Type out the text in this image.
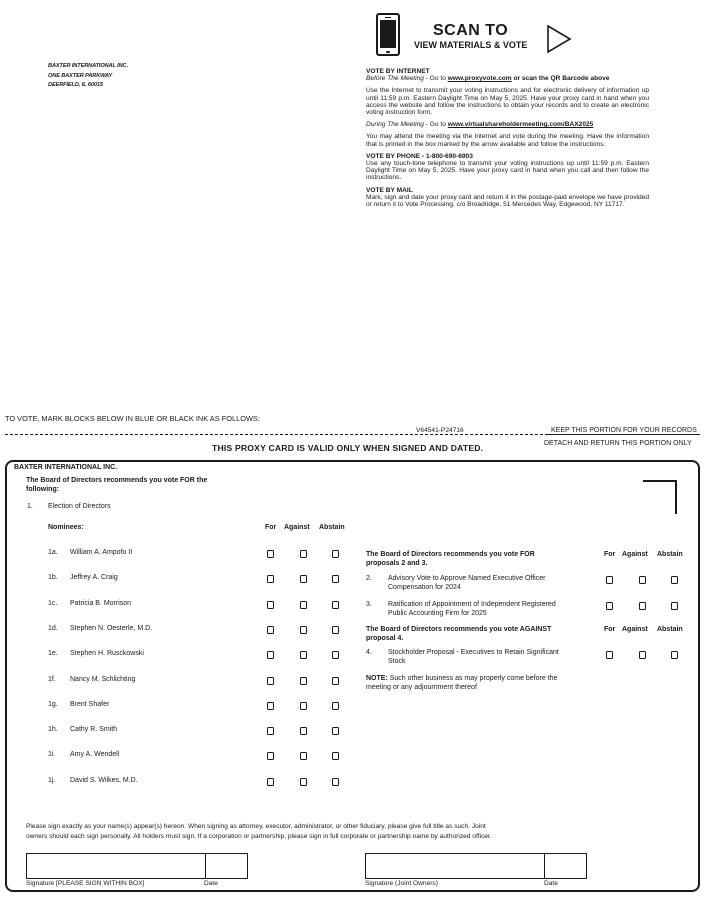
BAXTER INTERNATIONAL INC.
ONE BAXTER PARKWAY
DEERFIELD, IL 60015
SCAN TO
VIEW MATERIALS & VOTE
VOTE BY INTERNET

Before The Meeting - Go to www.proxyvote.com or scan the QR Barcode above

Use the Internet to transmit your voting instructions and for electronic delivery of information up until 11:59 p.m. Eastern Daylight Time on May 5, 2025. Have your proxy card in hand when you access the website and follow the instructions to obtain your records and to create an electronic voting instruction form.

During The Meeting - Go to www.virtualshareholdermeeting.com/BAX2025

You may attend the meeting via the Internet and vote during the meeting. Have the information that is printed in the box marked by the arrow available and follow the instructions.

VOTE BY PHONE - 1-800-690-6903

Use any touch-tone telephone to transmit your voting instructions up until 11:59 p.m. Eastern Daylight Time on May 5, 2025. Have your proxy card in hand when you call and then follow the instructions.

VOTE BY MAIL

Mark, sign and date your proxy card and return it in the postage-paid envelope we have provided or return it to Vote Processing, c/o Broadridge, 51 Mercedes Way, Edgewood, NY 11717.

TO VOTE, MARK BLOCKS BELOW IN BLUE OR BLACK INK AS FOLLOWS:
V64541-P24716	KEEP THIS PORTION FOR YOUR RECORDS
DETACH AND RETURN THIS PORTION ONLY
THIS PROXY CARD IS VALID ONLY WHEN SIGNED AND DATED.
BAXTER INTERNATIONAL INC.
The Board of Directors recommends you vote FOR the
following:
1. Election of Directors
Nominees:	For Against Abstain
1a. William A. Ampofo II
1b. Jeffrey A. Craig
1c. Patricia B. Morrison
1d. Stephen N. Oesterle, M.D.
1e. Stephen H. Rusckowski
1f. Nancy M. Schlichting
1g. Brent Shafer
1h. Cathy R. Smith
1i. Amy A. Wendell
1j. David S. Wilkes, M.D.
The Board of Directors recommends you vote FOR
proposals 2 and 3.
For Against Abstain
2. Advisory Vote to Approve Named Executive Officer
Compensation for 2024
3. Ratification of Appointment of Independent Registered
Public Accounting Firm for 2025
The Board of Directors recommends you vote AGAINST
proposal 4.
For Against Abstain
4. Stockholder Proposal - Executives to Retain Significant
Stock
NOTE: Such other business as may properly come before the
meeting or any adjournment thereof
Please sign exactly as your name(s) appear(s) hereon. When signing as attorney, executor, administrator, or other fiduciary, please give full title as such. Joint
owners should each sign personally. All holders must sign. If a corporation or partnership, please sign in full corporate or partnership name by authorized officer.
Signature [PLEASE SIGN WITHIN BOX]	Date	Signature (Joint Owners)	Date
